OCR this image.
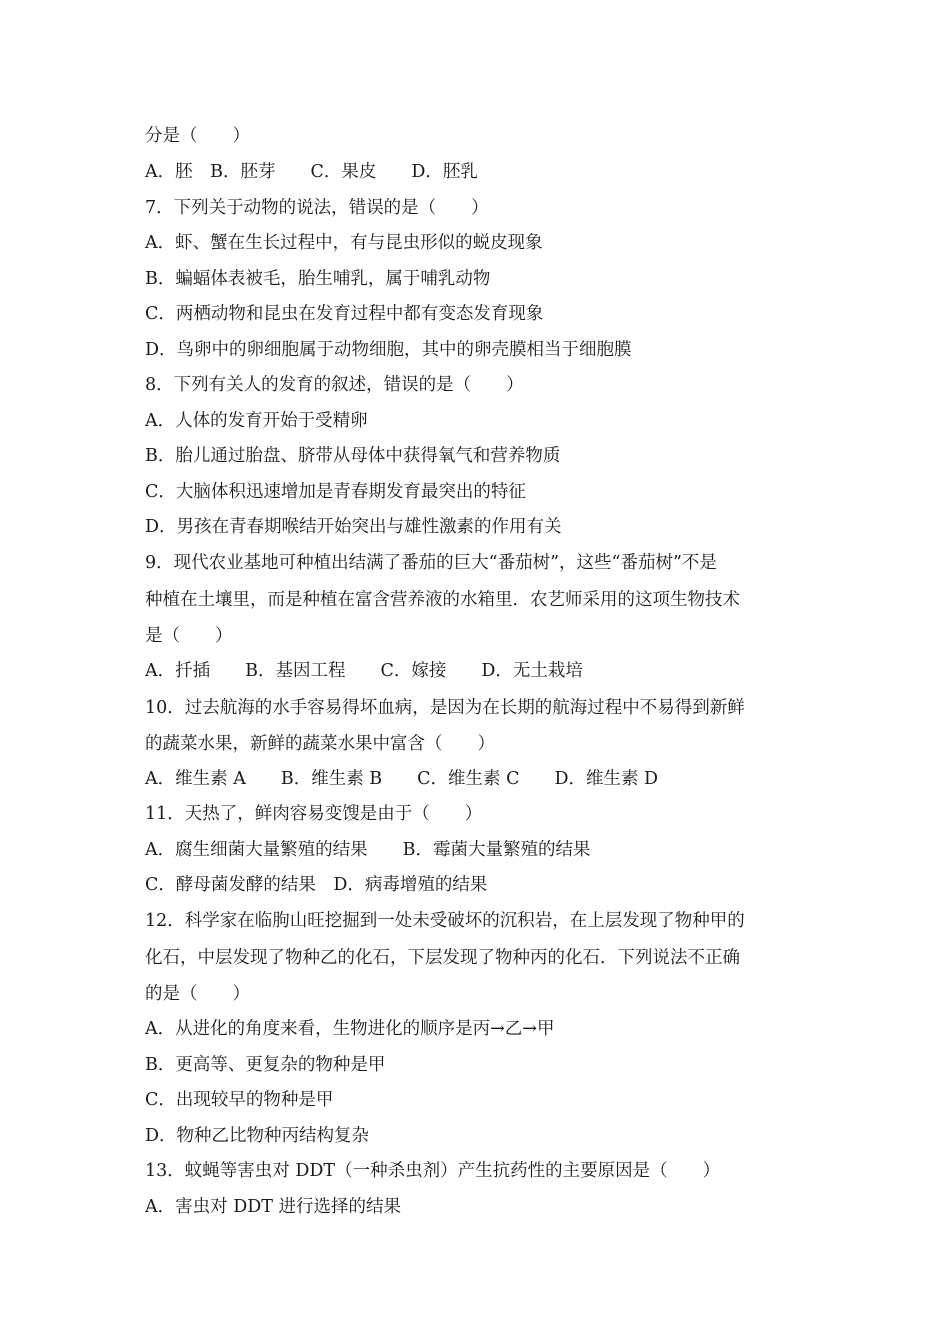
分是（　　）
A．胚　B．胚芽　　C．果皮　　D．胚乳
7．下列关于动物的说法，错误的是（　　）
A．虾、蟹在生长过程中，有与昆虫形似的蜕皮现象
B．蝙蝠体表被毛，胎生哺乳，属于哺乳动物
C．两栖动物和昆虫在发育过程中都有变态发育现象
D．鸟卵中的卵细胞属于动物细胞，其中的卵壳膜相当于细胞膜
8．下列有关人的发育的叙述，错误的是（　　）
A．人体的发育开始于受精卵
B．胎儿通过胎盘、脐带从母体中获得氧气和营养物质
C．大脑体积迅速增加是青春期发育最突出的特征
D．男孩在青春期喉结开始突出与雄性激素的作用有关
9．现代农业基地可种植出结满了番茄的巨大“番茄树”，这些“番茄树”不是
种植在土壤里，而是种植在富含营养液的水箱里．农艺师采用的这项生物技术
是（　　）
A．扦插　　B．基因工程　　C．嫁接　　D．无土栽培
10．过去航海的水手容易得坏血病，是因为在长期的航海过程中不易得到新鲜
的蔬菜水果，新鲜的蔬菜水果中富含（　　）
A．维生素 A　　B．维生素 B　　C．维生素 C　　D．维生素 D
11．天热了，鲜肉容易变馊是由于（　　）
A．腐生细菌大量繁殖的结果　　B．霉菌大量繁殖的结果
C．酵母菌发酵的结果　D．病毒增殖的结果
12．科学家在临朐山旺挖掘到一处未受破坏的沉积岩，在上层发现了物种甲的
化石，中层发现了物种乙的化石，下层发现了物种丙的化石．下列说法不正确
的是（　　）
A．从进化的角度来看，生物进化的顺序是丙→乙→甲
B．更高等、更复杂的物种是甲
C．出现较早的物种是甲
D．物种乙比物种丙结构复杂
13．蚊蝇等害虫对 DDT（一种杀虫剂）产生抗药性的主要原因是（　　）
A．害虫对 DDT 进行选择的结果
